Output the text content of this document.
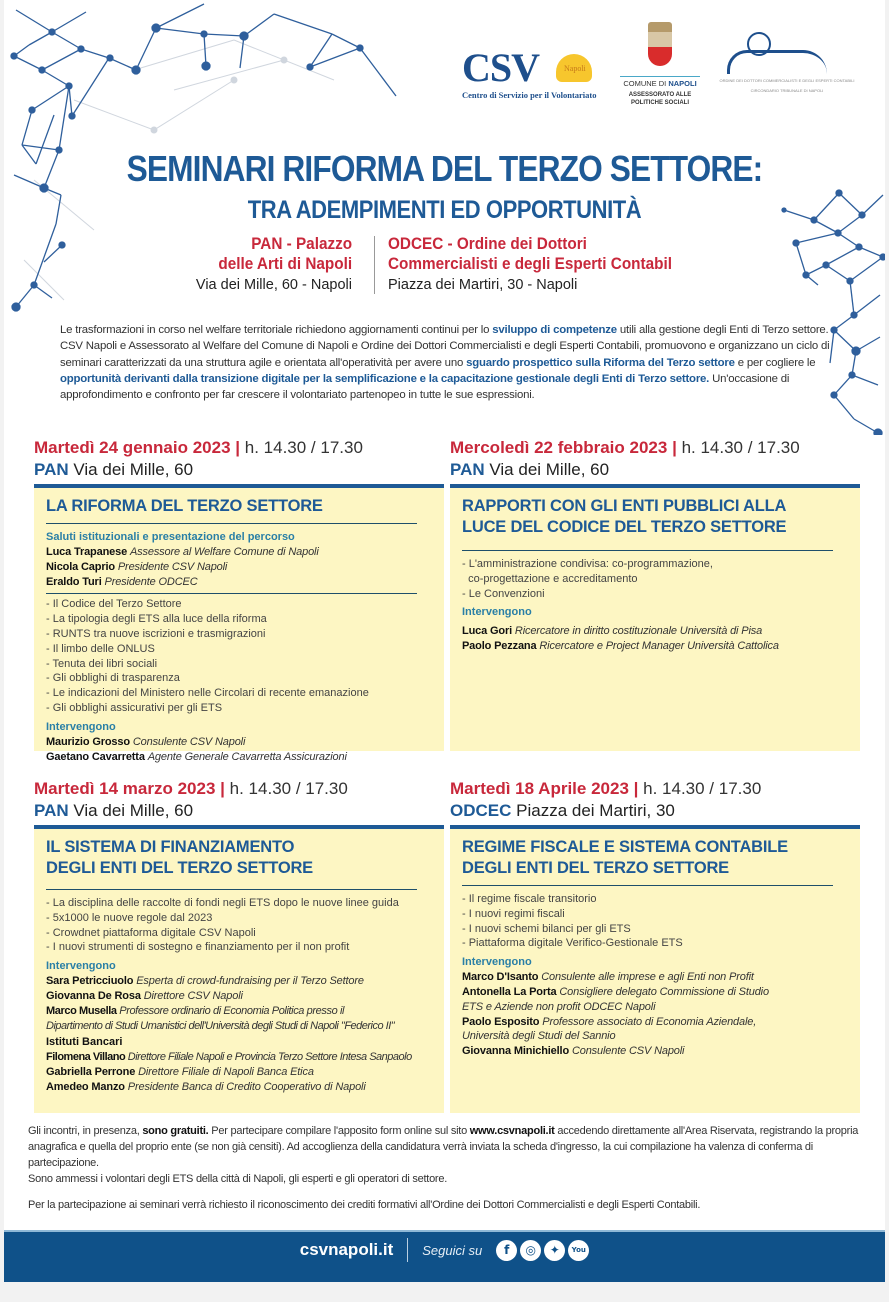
Napoli
CSV
Centro di Servizio per il Volontariato
COMUNE DI NAPOLI
ASSESSORATO ALLE
POLITICHE SOCIALI
ORDINE DEI DOTTORI COMMERCIALISTI E DEGLI ESPERTI CONTABILI
CIRCONDARIO TRIBUNALE DI NAPOLI
SEMINARI RIFORMA DEL TERZO SETTORE:
TRA ADEMPIMENTI ED OPPORTUNITÀ
PAN - Palazzo
delle Arti di Napoli
Via dei Mille, 60 - Napoli
ODCEC - Ordine dei Dottori
Commercialisti e degli Esperti Contabil
Piazza dei Martiri, 30 - Napoli
Le trasformazioni in corso nel welfare territoriale richiedono aggiornamenti continui per lo sviluppo di competenze utili alla gestione degli Enti di Terzo settore. CSV Napoli e Assessorato al Welfare del Comune di Napoli e Ordine dei Dottori Commercialisti e degli Esperti Contabili, promuovono e organizzano un ciclo di seminari caratterizzati da una struttura agile e orientata all'operatività per avere uno sguardo prospettico sulla Riforma del Terzo settore e per cogliere le opportunità derivanti dalla transizione digitale per la semplificazione e la capacitazione gestionale degli Enti di Terzo settore. Un'occasione di approfondimento e confronto per far crescere il volontariato partenopeo in tutte le sue espressioni.
Martedì 24 gennaio 2023 | h. 14.30 / 17.30
PAN Via dei Mille, 60
LA RIFORMA DEL TERZO SETTORE
Saluti istituzionali e presentazione del percorso
Luca Trapanese Assessore al Welfare Comune di Napoli
Nicola Caprio Presidente CSV Napoli
Eraldo Turi Presidente ODCEC
- Il Codice del Terzo Settore
- La tipologia degli ETS alla luce della riforma
- RUNTS tra nuove iscrizioni e trasmigrazioni
- Il limbo delle ONLUS
- Tenuta dei libri sociali
- Gli obblighi di trasparenza
- Le indicazioni del Ministero nelle Circolari di recente emanazione
- Gli obblighi assicurativi per gli ETS
Intervengono
Maurizio Grosso Consulente CSV Napoli
Gaetano Cavarretta Agente Generale Cavarretta Assicurazioni
Mercoledì 22 febbraio 2023 | h. 14.30 / 17.30
PAN Via dei Mille, 60
RAPPORTI CON GLI ENTI PUBBLICI ALLA
LUCE DEL CODICE DEL TERZO SETTORE
- L'amministrazione condivisa: co-programmazione,
co-progettazione e accreditamento
- Le Convenzioni
Intervengono
Luca Gori Ricercatore in diritto costituzionale Università di Pisa
Paolo Pezzana Ricercatore e Project Manager Università Cattolica
Martedì 14 marzo 2023 | h. 14.30 / 17.30
PAN Via dei Mille, 60
IL SISTEMA DI FINANZIAMENTO
DEGLI ENTI DEL TERZO SETTORE
- La disciplina delle raccolte di fondi negli ETS dopo le nuove linee guida
- 5x1000 le nuove regole dal 2023
- Crowdnet piattaforma digitale CSV Napoli
- I nuovi strumenti di sostegno e finanziamento per il non profit
Intervengono
Sara Petricciuolo Esperta di crowd-fundraising per il Terzo Settore
Giovanna De Rosa Direttore CSV Napoli
Marco Musella Professore ordinario di Economia Politica presso il
Dipartimento di Studi Umanistici dell'Università degli Studi di Napoli "Federico II"
Istituti Bancari
Filomena Villano Direttore Filiale Napoli e Provincia Terzo Settore Intesa Sanpaolo
Gabriella Perrone Direttore Filiale di Napoli Banca Etica
Amedeo Manzo Presidente Banca di Credito Cooperativo di Napoli
Martedì 18 Aprile 2023 | h. 14.30 / 17.30
ODCEC Piazza dei Martiri, 30
REGIME FISCALE E SISTEMA CONTABILE
DEGLI ENTI DEL TERZO SETTORE
- Il regime fiscale transitorio
- I nuovi regimi fiscali
- I nuovi schemi bilanci per gli ETS
- Piattaforma digitale Verifico-Gestionale ETS
Intervengono
Marco D'Isanto Consulente alle imprese e agli Enti non Profit
Antonella La Porta Consigliere delegato Commissione di Studio
ETS e Aziende non profit ODCEC Napoli
Paolo Esposito Professore associato di Economia Aziendale,
Università degli Studi del Sannio
Giovanna Minichiello Consulente CSV Napoli

Gli incontri, in presenza, sono gratuiti. Per partecipare compilare l'apposito form online sul sito www.csvnapoli.it accedendo direttamente all'Area Riservata, registrando la propria anagrafica e quella del proprio ente (se non già censiti). Ad accoglienza della candidatura verrà inviata la scheda d'ingresso, la cui compilazione ha valenza di conferma di partecipazione.

Sono ammessi i volontari degli ETS della città di Napoli, gli esperti e gli operatori di settore.

Per la partecipazione ai seminari verrà richiesto il riconoscimento dei crediti formativi all'Ordine dei Dottori Commercialisti e degli Esperti Contabili.

csvnapoli.it Seguici su	f	◎	✦	You
